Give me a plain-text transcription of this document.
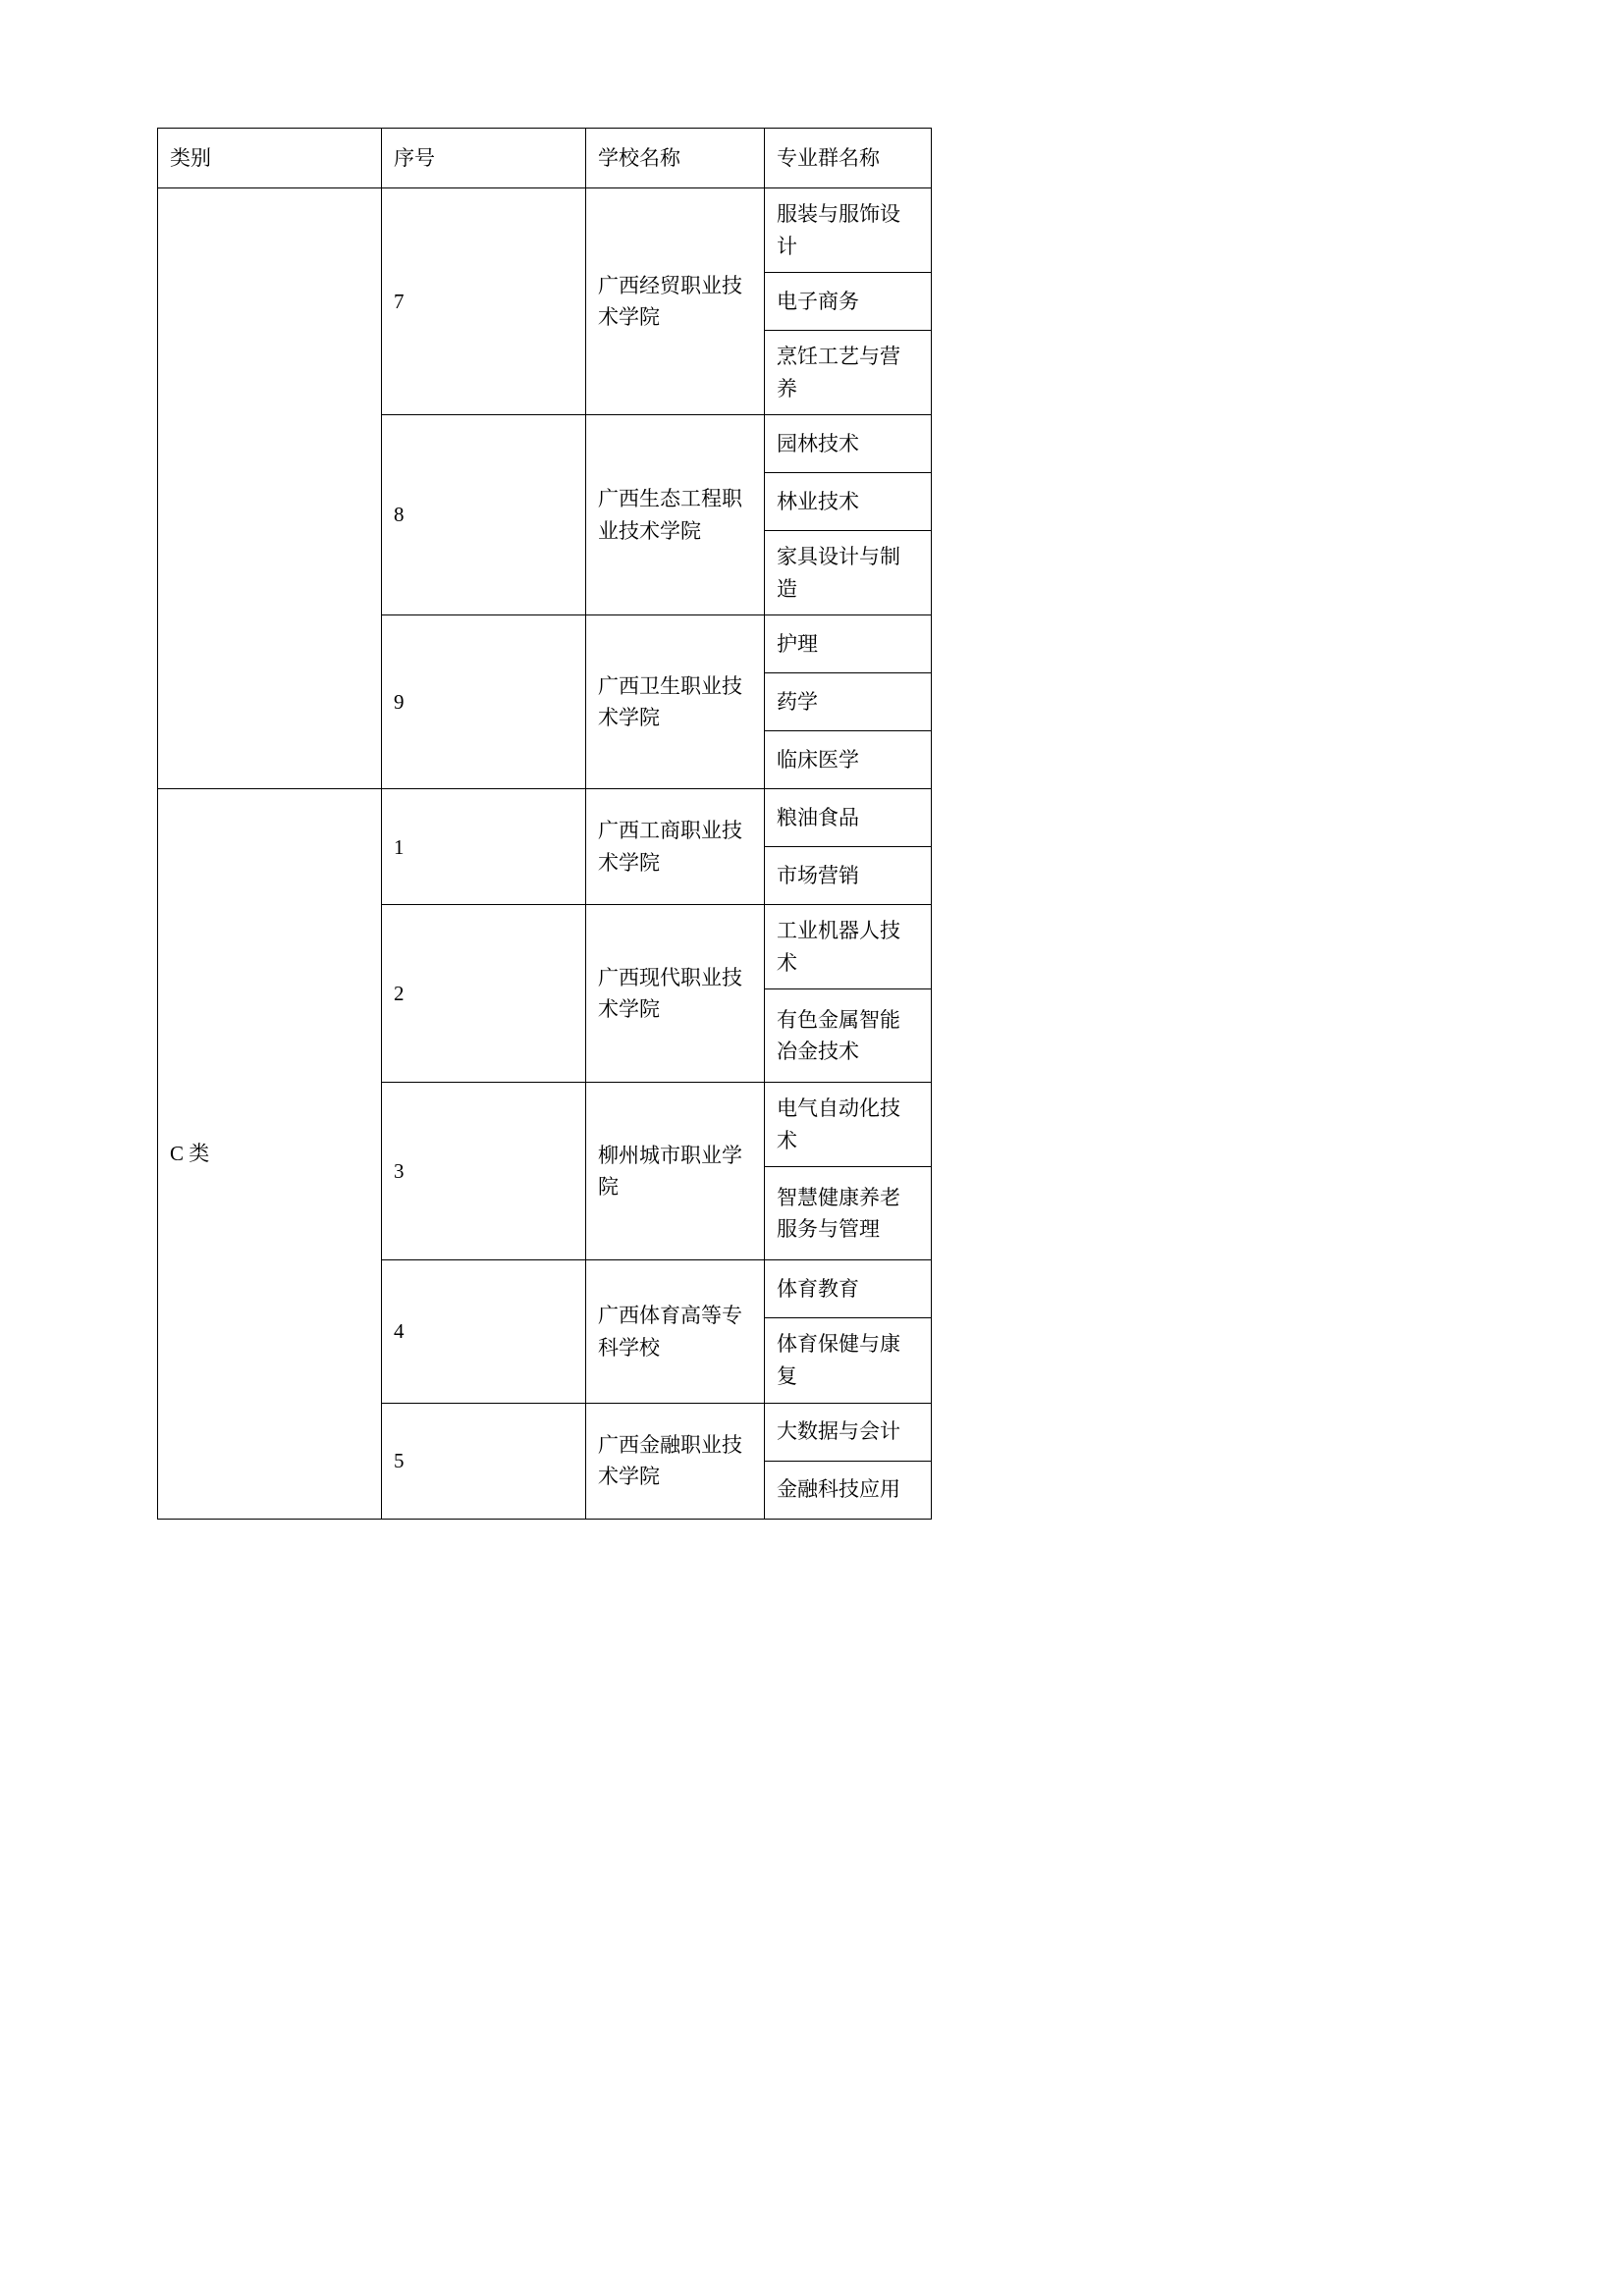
类别	序号	学校名称	专业群名称
	7	广西经贸职业技术学院	服装与服饰设计
			电子商务
			烹饪工艺与营养
	8	广西生态工程职业技术学院	园林技术
			林业技术
			家具设计与制造
	9	广西卫生职业技术学院	护理
			药学
			临床医学
C 类	1	广西工商职业技术学院	粮油食品
			市场营销
	2	广西现代职业技术学院	工业机器人技术
			有色金属智能冶金技术
	3	柳州城市职业学院	电气自动化技术
			智慧健康养老服务与管理
	4	广西体育高等专科学校	体育教育
			体育保健与康复
	5	广西金融职业技术学院	大数据与会计
			金融科技应用
